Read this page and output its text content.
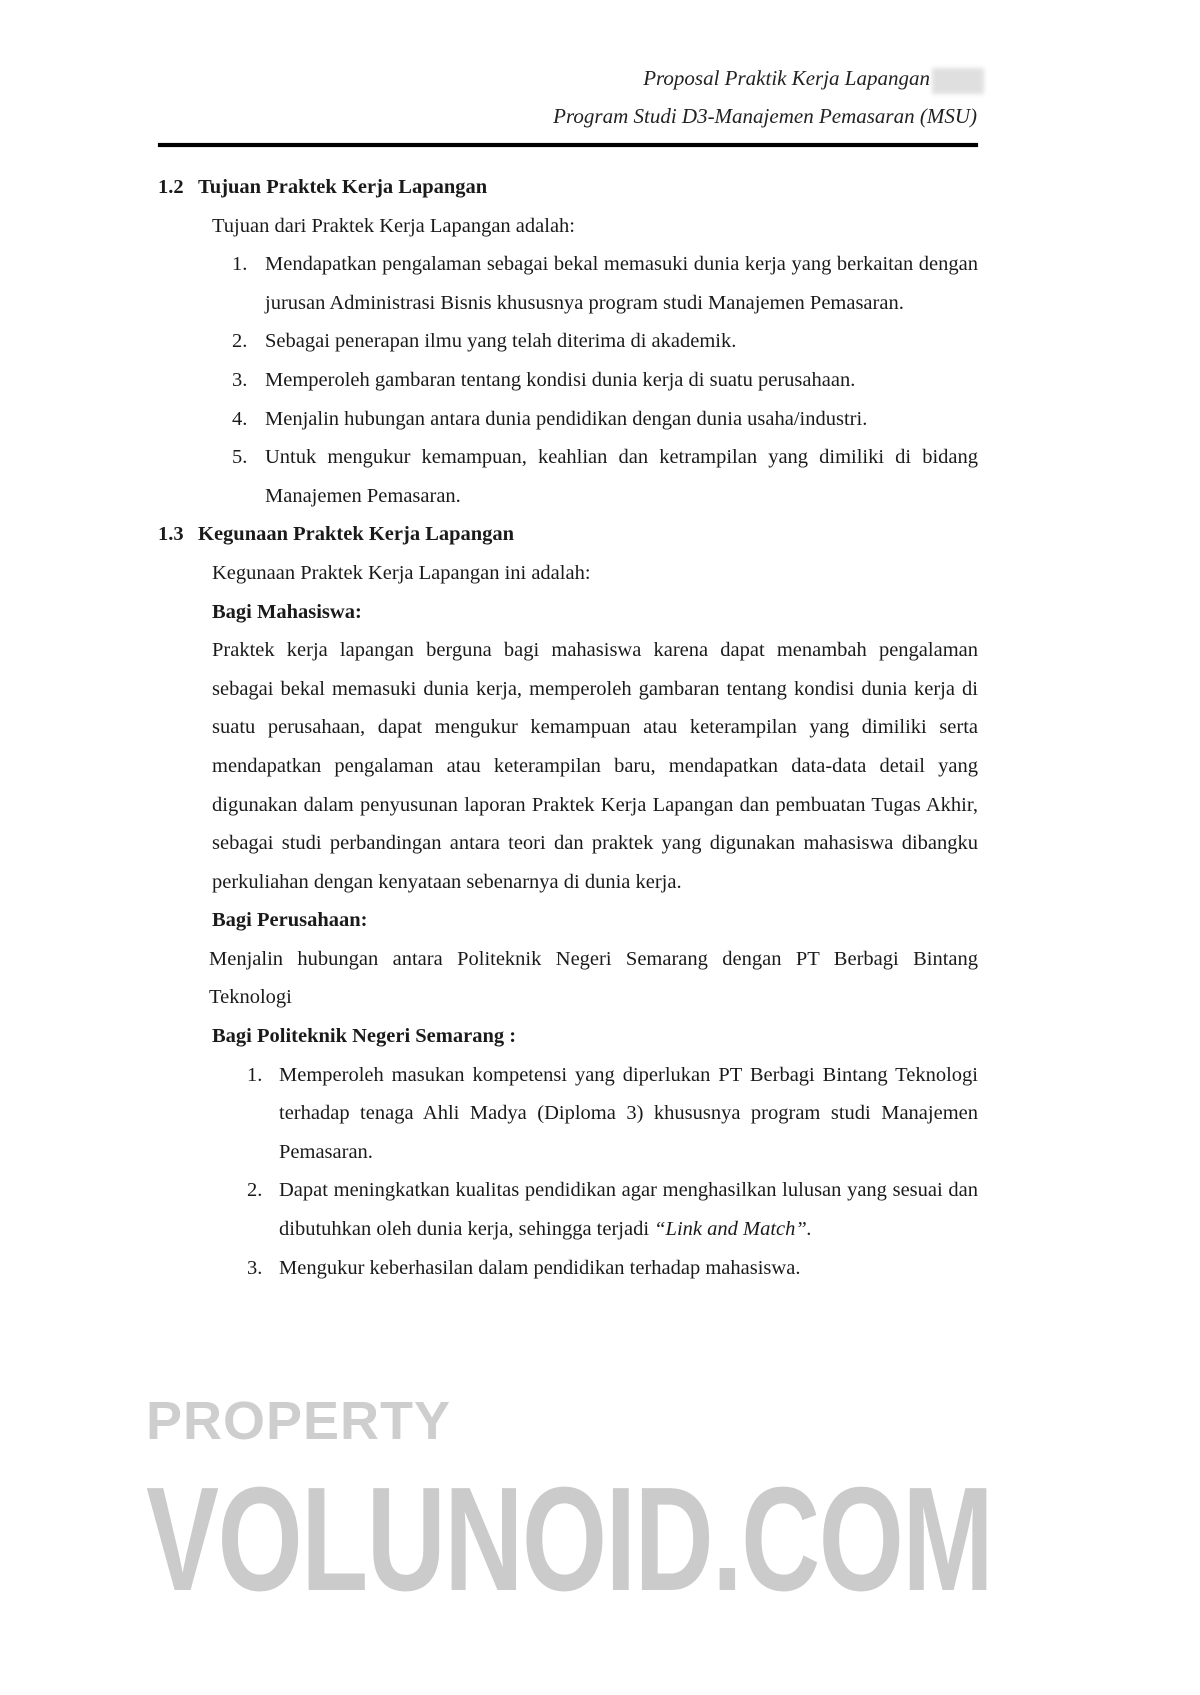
Proposal Praktik Kerja Lapangan
Program Studi D3-Manajemen Pemasaran (MSU)

1.2 Tujuan Praktek Kerja Lapangan

Tujuan dari Praktek Kerja Lapangan adalah:

1. Mendapatkan pengalaman sebagai bekal memasuki dunia kerja yang berkaitan dengan jurusan Administrasi Bisnis khususnya program studi Manajemen Pemasaran.
2. Sebagai penerapan ilmu yang telah diterima di akademik.
3. Memperoleh gambaran tentang kondisi dunia kerja di suatu perusahaan.
4. Menjalin hubungan antara dunia pendidikan dengan dunia usaha/industri.
5. Untuk mengukur kemampuan, keahlian dan ketrampilan yang dimiliki di bidang Manajemen Pemasaran.

1.3 Kegunaan Praktek Kerja Lapangan

Kegunaan Praktek Kerja Lapangan ini adalah:

Bagi Mahasiswa:

Praktek kerja lapangan berguna bagi mahasiswa karena dapat menambah pengalaman sebagai bekal memasuki dunia kerja, memperoleh gambaran tentang kondisi dunia kerja di suatu perusahaan, dapat mengukur kemampuan atau keterampilan yang dimiliki serta mendapatkan pengalaman atau keterampilan baru, mendapatkan data-data detail yang digunakan dalam penyusunan laporan Praktek Kerja Lapangan dan pembuatan Tugas Akhir, sebagai studi perbandingan antara teori dan praktek yang digunakan mahasiswa dibangku perkuliahan dengan kenyataan sebenarnya di dunia kerja.

Bagi Perusahaan:

Menjalin hubungan antara Politeknik Negeri Semarang dengan PT Berbagi Bintang Teknologi

Bagi Politeknik Negeri Semarang :

1. Memperoleh masukan kompetensi yang diperlukan PT Berbagi Bintang Teknologi terhadap tenaga Ahli Madya (Diploma 3) khususnya program studi Manajemen Pemasaran.
2. Dapat meningkatkan kualitas pendidikan agar menghasilkan lulusan yang sesuai dan dibutuhkan oleh dunia kerja, sehingga terjadi “Link and Match”.
3. Mengukur keberhasilan dalam pendidikan terhadap mahasiswa.
PROPERTY
VOLUNOID.COM
